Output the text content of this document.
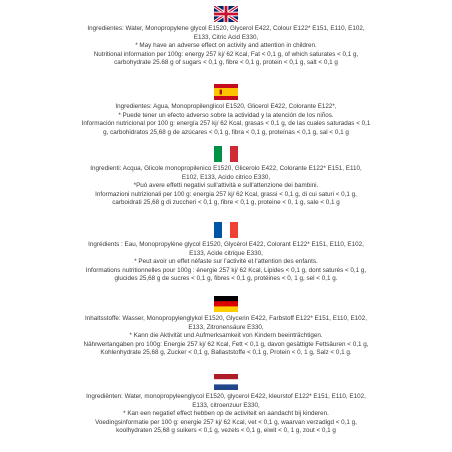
Ingredientes: Water, Monopropylene glycol E1520, Glycerol E422, Colour E122* E151, E110, E102,
E133, Citric Acid E330,
* May have an adverse effect on activity and attention in children.
Nutritional information per 100g: energy 257 kj/ 62 Kcal, Fat < 0,1 g, of which saturates < 0,1 g,
carbohydrate 25.68 g of sugars < 0,1 g, fibre < 0,1 g, protein < 0,1 g, salt < 0,1 g
Ingredientes: Agua, Monopropilenglicol E1520, Glicerol E422, Colorante E122*,
* Puede tener un efecto adverso sobre la actividad y la atención de los niños.
Información nutricional por 100 g: energía 257 kj/ 62 Kcal, grasas < 0,1 g, de las cuales saturadas < 0,1
g, carbohidratos 25,68 g de azúcares < 0,1 g, fibra < 0,1 g, proteínas < 0,1 g, sal < 0,1 g
Ingredienti: Acqua, Glicole monopropilenico E1520, Glicerolo E422, Colorante E122* E151, E110,
E102, E133, Acido citrico E330,
*Può avere effetti negativi sull'attività e sull'attenzione dei bambini.
Informazioni nutrizionali per 100 g: energia 257 kj/ 62 Kcal, grassi < 0,1 g, di cui saturi < 0,1 g,
carboidrati 25,68 g di zuccheri < 0,1 g, fibre < 0,1 g, proteine < 0, 1 g, sale < 0,1 g
Ingrédients : Eau, Monopropylène glycol E1520, Glycérol E422, Colorant E122* E151, E110, E102,
E133, Acide citrique E330,
* Peut avoir un effet néfaste sur l'activité et l'attention des enfants.
Informations nutritionnelles pour 100g : énergie 257 kj/ 62 Kcal, Lipides < 0,1 g, dont saturés < 0,1 g,
glucides 25,68 g de sucres < 0,1 g, fibres < 0,1 g, protéines < 0, 1 g, sel < 0,1 g.
Inhaltsstoffe: Wasser, Monopropylenglykol E1520, Glycerin E422, Farbstoff E122* E151, E110, E102,
E133, Zitronensäure E330,
* Kann die Aktivität und Aufmerksamkeit von Kindern beeinträchtigen.
Nährwertangaben pro 100g: Energie 257 kj/ 62 Kcal, Fett < 0,1 g, davon gesättigte Fettsäuren < 0,1 g,
Kohlenhydrate 25,68 g, Zucker < 0,1 g, Ballaststoffe < 0,1 g, Protein < 0, 1 g, Salz < 0,1 g.
Ingrediënten: Water, monopropyleenglycol E1520, glycerol E422, kleurstof E122* E151, E110, E102,
E133, citroenzuur E330,
* Kan een negatief effect hebben op de activiteit en aandacht bij kinderen.
Voedingsinformatie per 100 g: energie 257 kj/ 62 Kcal, vet < 0,1 g, waarvan verzadigd < 0,1 g,
koolhydraten 25,68 g suikers < 0,1 g, vezels < 0,1 g, eiwit < 0, 1 g, zout < 0,1 g
